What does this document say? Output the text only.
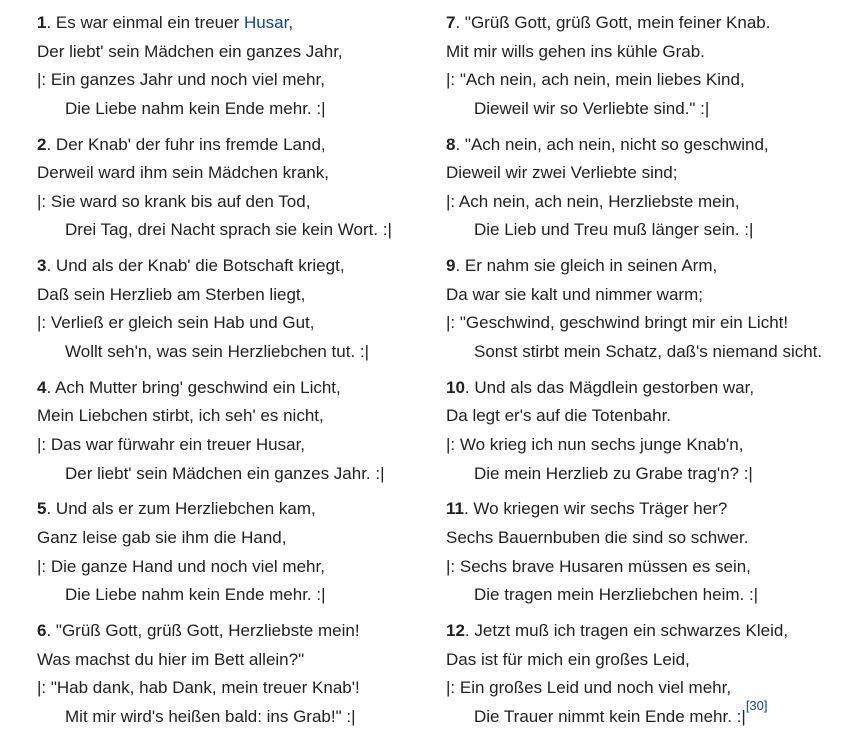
1. Es war einmal ein treuer Husar,
Der liebt' sein Mädchen ein ganzes Jahr,
|: Ein ganzes Jahr und noch viel mehr,
Die Liebe nahm kein Ende mehr. :|
2. Der Knab' der fuhr ins fremde Land,
Derweil ward ihm sein Mädchen krank,
|: Sie ward so krank bis auf den Tod,
Drei Tag, drei Nacht sprach sie kein Wort. :|
3. Und als der Knab' die Botschaft kriegt,
Daß sein Herzlieb am Sterben liegt,
|: Verließ er gleich sein Hab und Gut,
Wollt seh'n, was sein Herzliebchen tut. :|
4. Ach Mutter bring' geschwind ein Licht,
Mein Liebchen stirbt, ich seh' es nicht,
|: Das war fürwahr ein treuer Husar,
Der liebt' sein Mädchen ein ganzes Jahr. :|
5. Und als er zum Herzliebchen kam,
Ganz leise gab sie ihm die Hand,
|: Die ganze Hand und noch viel mehr,
Die Liebe nahm kein Ende mehr. :|
6. "Grüß Gott, grüß Gott, Herzliebste mein!
Was machst du hier im Bett allein?"
|: "Hab dank, hab Dank, mein treuer Knab'!
Mit mir wird's heißen bald: ins Grab!" :|
7. "Grüß Gott, grüß Gott, mein feiner Knab.
Mit mir wills gehen ins kühle Grab.
|: "Ach nein, ach nein, mein liebes Kind,
Dieweil wir so Verliebte sind." :|
8. "Ach nein, ach nein, nicht so geschwind,
Dieweil wir zwei Verliebte sind;
|: Ach nein, ach nein, Herzliebste mein,
Die Lieb und Treu muß länger sein. :|
9. Er nahm sie gleich in seinen Arm,
Da war sie kalt und nimmer warm;
|: "Geschwind, geschwind bringt mir ein Licht!
Sonst stirbt mein Schatz, daß's niemand sicht.
10. Und als das Mägdlein gestorben war,
Da legt er's auf die Totenbahr.
|: Wo krieg ich nun sechs junge Knab'n,
Die mein Herzlieb zu Grabe trag'n? :|
11. Wo kriegen wir sechs Träger her?
Sechs Bauernbuben die sind so schwer.
|: Sechs brave Husaren müssen es sein,
Die tragen mein Herzliebchen heim. :|
12. Jetzt muß ich tragen ein schwarzes Kleid,
Das ist für mich ein großes Leid,
|: Ein großes Leid und noch viel mehr,
Die Trauer nimmt kein Ende mehr. :|[30]
